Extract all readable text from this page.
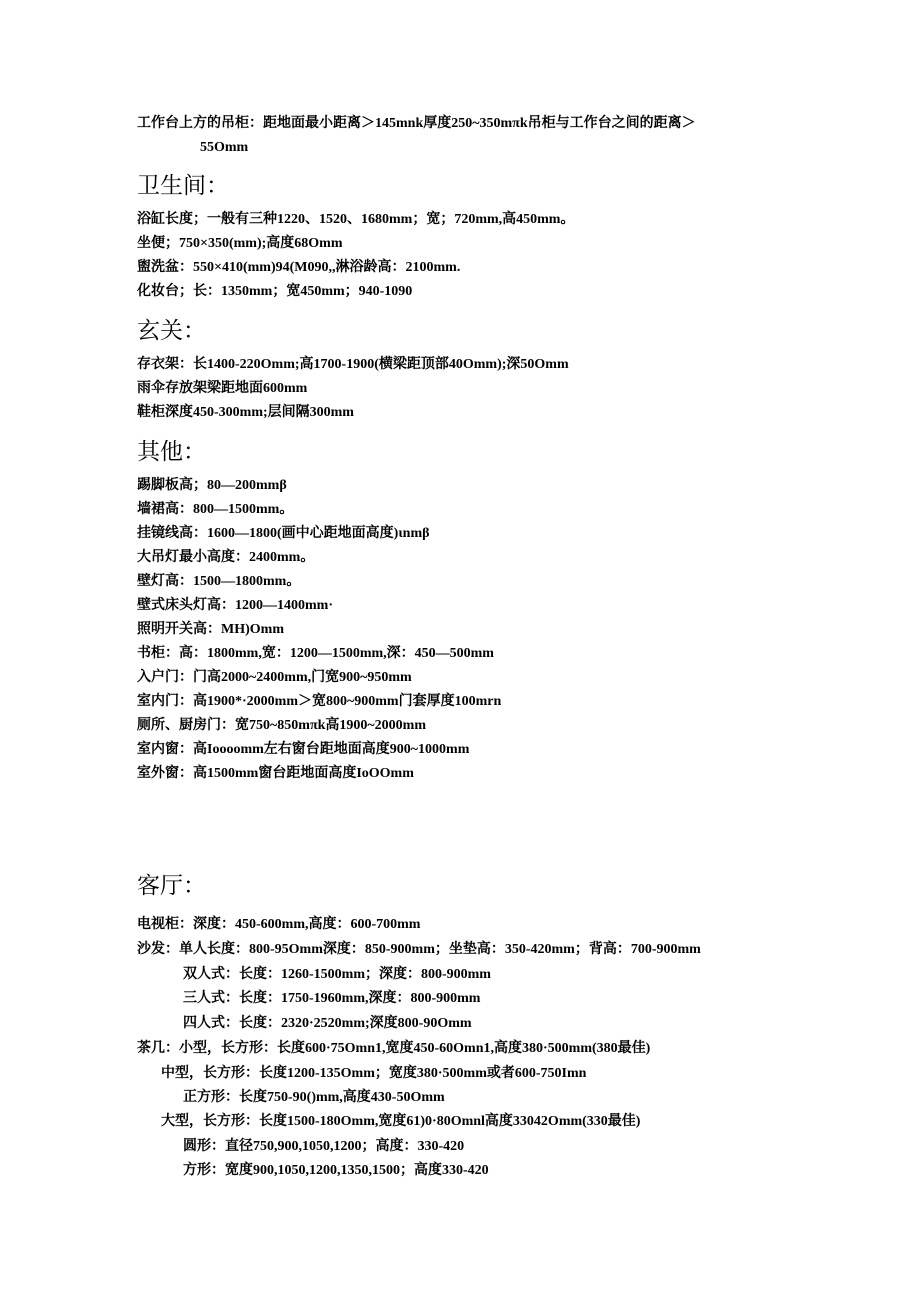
工作台上方的吊柜：距地面最小距离＞145mnk厚度250~350mπk吊柜与工作台之间的距离＞
55Omm
卫生间：
浴缸长度；一般有三种1220、1520、1680mm；宽；720mm,高450mm。
坐便；750×350(mm);高度68Omm
盥洗盆：550×410(mm)94(M090,,淋浴龄高：2100mm.
化妆台；长：1350mm；宽450mm；940-1090
玄关：
存衣架：长1400-220Omm;高1700-1900(横梁距顶部40Omm);深50Omm
雨伞存放架梁距地面600mm
鞋柜深度450-300mm;层间隔300mm
其他：
踢脚板高；80—200mmβ
墙裙高：800—1500mm。
挂镜线高：1600—1800(画中心距地面高度)ιnmβ
大吊灯最小高度：2400mm。
壁灯高：1500—1800mm。
壁式床头灯高：1200—1400mm·
照明开关高：MH)Omm
书柜：高：1800mm,宽：1200—1500mm,深：450—500mm
入户门：门高2000~2400mm,门宽900~950mm
室内门：高1900*·2000mm＞宽800~900mm门套厚度100mrn
厕所、厨房门：宽750~850mπk高1900~2000mm
室内窗：高Ioooomm左右窗台距地面高度900~1000mm
室外窗：高1500mm窗台距地面高度IoOOmm
客厅：
电视柜：深度：450-600mm,高度：600-700mm
沙发：单人长度：800-95Omm深度：850-900mm；坐垫高：350-420mm；背高：700-900mm
双人式：长度：1260-1500mm；深度：800-900mm
三人式：长度：1750-1960mm,深度：800-900mm
四人式：长度：2320·2520mm;深度800-90Omm
茶几：小型，长方形：长度600·75Omn1,宽度450-60Omn1,高度380·500mm(380最佳)
中型，长方形：长度1200-135Omm；宽度380·500mm或者600-750Imn
正方形：长度750-90()mm,高度430-50Omm
大型，长方形：长度1500-180Omm,宽度61)0·80Omnl高度33042Omm(330最佳)
圆形：直径750,900,1050,1200；高度：330-420
方形：宽度900,1050,1200,1350,1500；高度330-420
